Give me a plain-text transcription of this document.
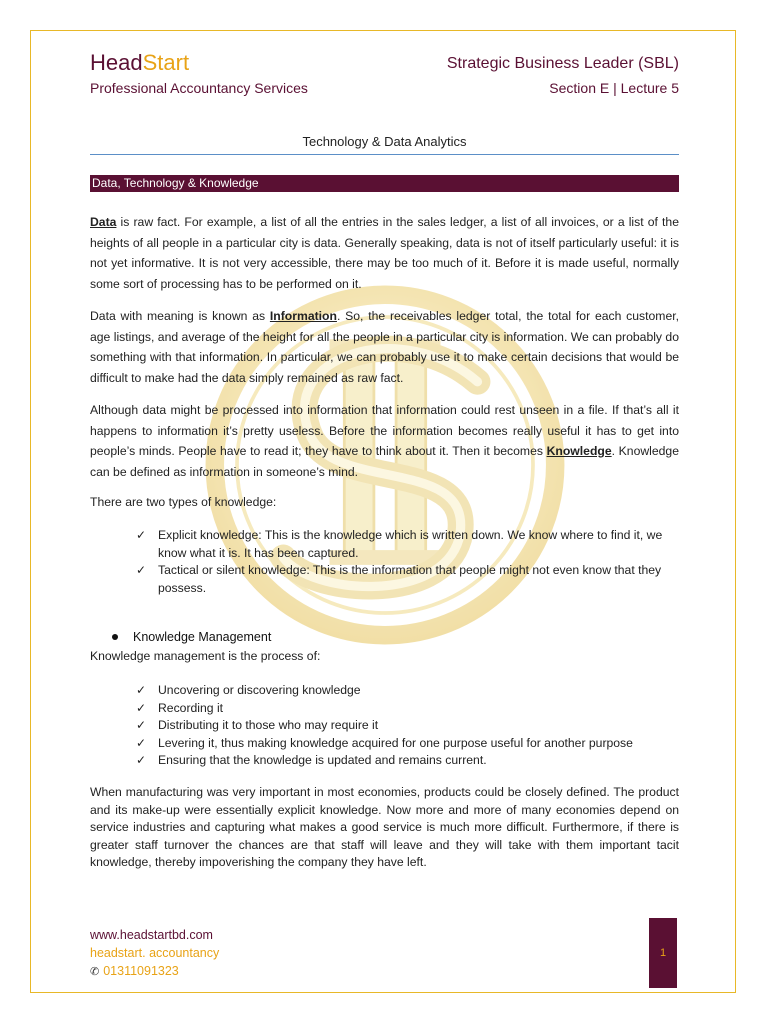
HeadStart
Professional Accountancy Services
Strategic Business Leader (SBL)
Section E | Lecture 5
Technology & Data Analytics
Data, Technology & Knowledge
Data is raw fact. For example, a list of all the entries in the sales ledger, a list of all invoices, or a list of the heights of all people in a particular city is data. Generally speaking, data is not of itself particularly useful: it is not yet informative. It is not very accessible, there may be too much of it. Before it is made useful, normally some sort of processing has to be performed on it.
Data with meaning is known as Information. So, the receivables ledger total, the total for each customer, age listings, and average of the height for all the people in a particular city is information. We can probably do something with that information. In particular, we can probably use it to make certain decisions that would be difficult to make had the data simply remained as raw fact.
Although data might be processed into information that information could rest unseen in a file. If that’s all it happens to information it’s pretty useless. Before the information becomes really useful it has to get into people’s minds. People have to read it; they have to think about it. Then it becomes Knowledge. Knowledge can be defined as information in someone’s mind.
There are two types of knowledge:
✓ Explicit knowledge: This is the knowledge which is written down. We know where to find it, we know what it is. It has been captured.
✓ Tactical or silent knowledge: This is the information that people might not even know that they possess.
Knowledge Management
Knowledge management is the process of:
✓ Uncovering or discovering knowledge
✓ Recording it
✓ Distributing it to those who may require it
✓ Levering it, thus making knowledge acquired for one purpose useful for another purpose
✓ Ensuring that the knowledge is updated and remains current.
When manufacturing was very important in most economies, products could be closely defined. The product and its make-up were essentially explicit knowledge. Now more and more of many economies depend on service industries and capturing what makes a good service is much more difficult. Furthermore, if there is greater staff turnover the chances are that staff will leave and they will take with them important tacit knowledge, thereby impoverishing the company they have left.
www.headstartbd.com
headstart. accountancy
✆ 01311091323
1
